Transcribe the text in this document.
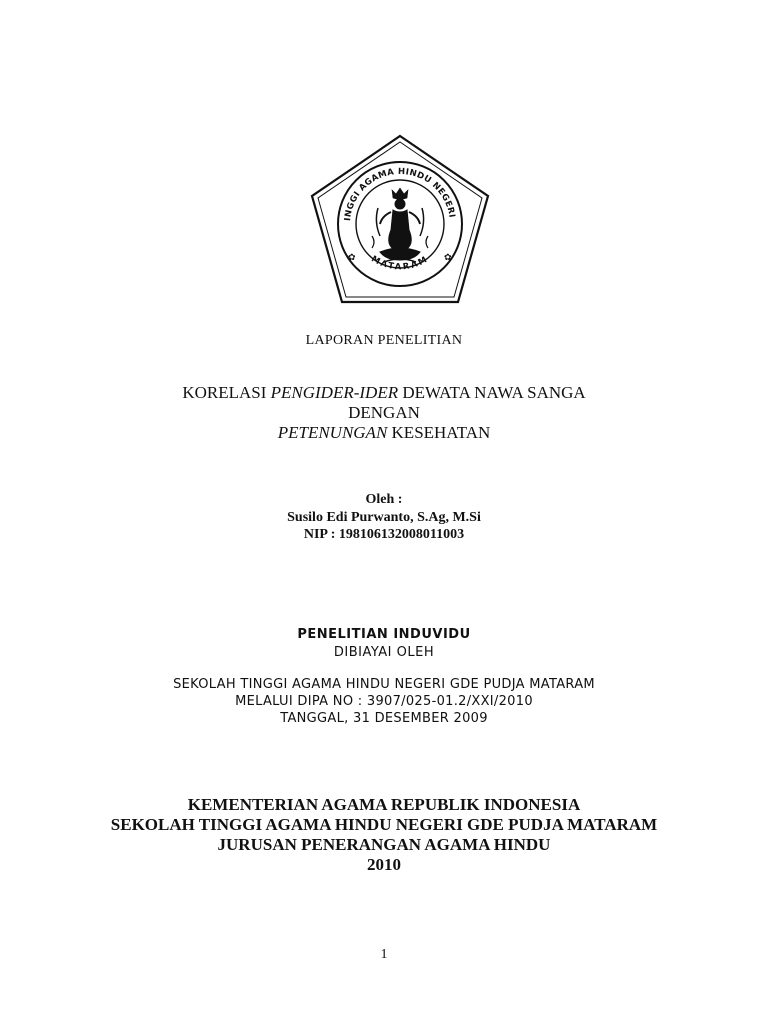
INGGI AGAMA HINDU NEGERI
MATARAM
✿	✿
LAPORAN PENELITIAN
KORELASI PENGIDER-IDER DEWATA NAWA SANGA
DENGAN
PETENUNGAN KESEHATAN
Oleh :
Susilo Edi Purwanto, S.Ag, M.Si
NIP : 198106132008011003
PENELITIAN INDUVIDU
DIBIAYAI OLEH
SEKOLAH TINGGI AGAMA HINDU NEGERI GDE PUDJA MATARAM
MELALUI DIPA NO : 3907/025-01.2/XXI/2010
TANGGAL, 31 DESEMBER 2009
KEMENTERIAN AGAMA REPUBLIK INDONESIA
SEKOLAH TINGGI AGAMA HINDU NEGERI GDE PUDJA MATARAM
JURUSAN PENERANGAN AGAMA HINDU
2010
1
